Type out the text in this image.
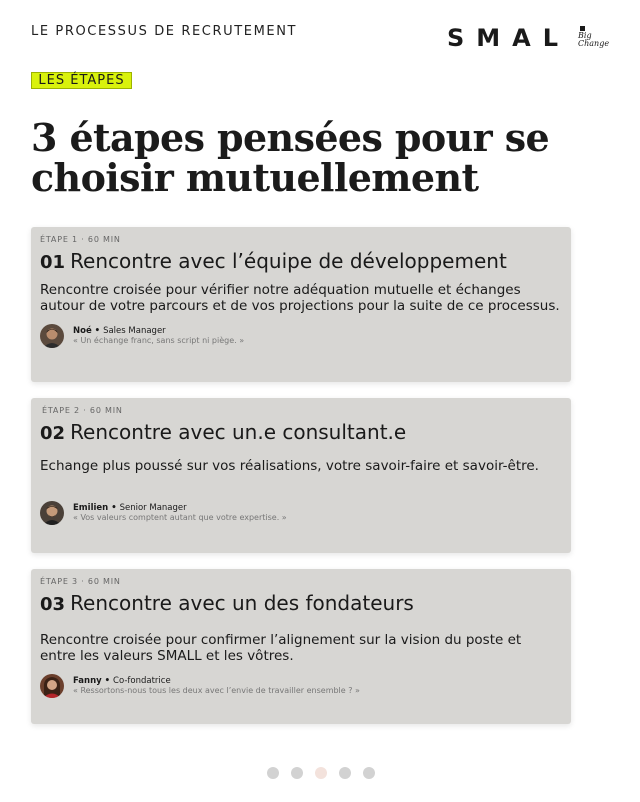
LE PROCESSUS DE RECRUTEMENT	SMAL Big
Change
LES ÉTAPES
3 étapes pensées pour se choisir mutuellement
ÉTAPE 1 · 60 MIN
01 Rencontre avec l’équipe de développement
Rencontre croisée pour vérifier notre adéquation mutuelle et échanges autour de votre parcours et de vos projections pour la suite de ce processus.
Noé • Sales Manager
« Un échange franc, sans script ni piège. »
ÉTAPE 2 · 60 MIN
02 Rencontre avec un.e consultant.e
Echange plus poussé sur vos réalisations, votre savoir-faire et savoir-être.
Emilien • Senior Manager
« Vos valeurs comptent autant que votre expertise. »
ÉTAPE 3 · 60 MIN
03 Rencontre avec un des fondateurs
Rencontre croisée pour confirmer l’alignement sur la vision du poste et entre les valeurs SMALL et les vôtres.
Fanny • Co-fondatrice
« Ressortons-nous tous les deux avec l’envie de travailler ensemble ? »
